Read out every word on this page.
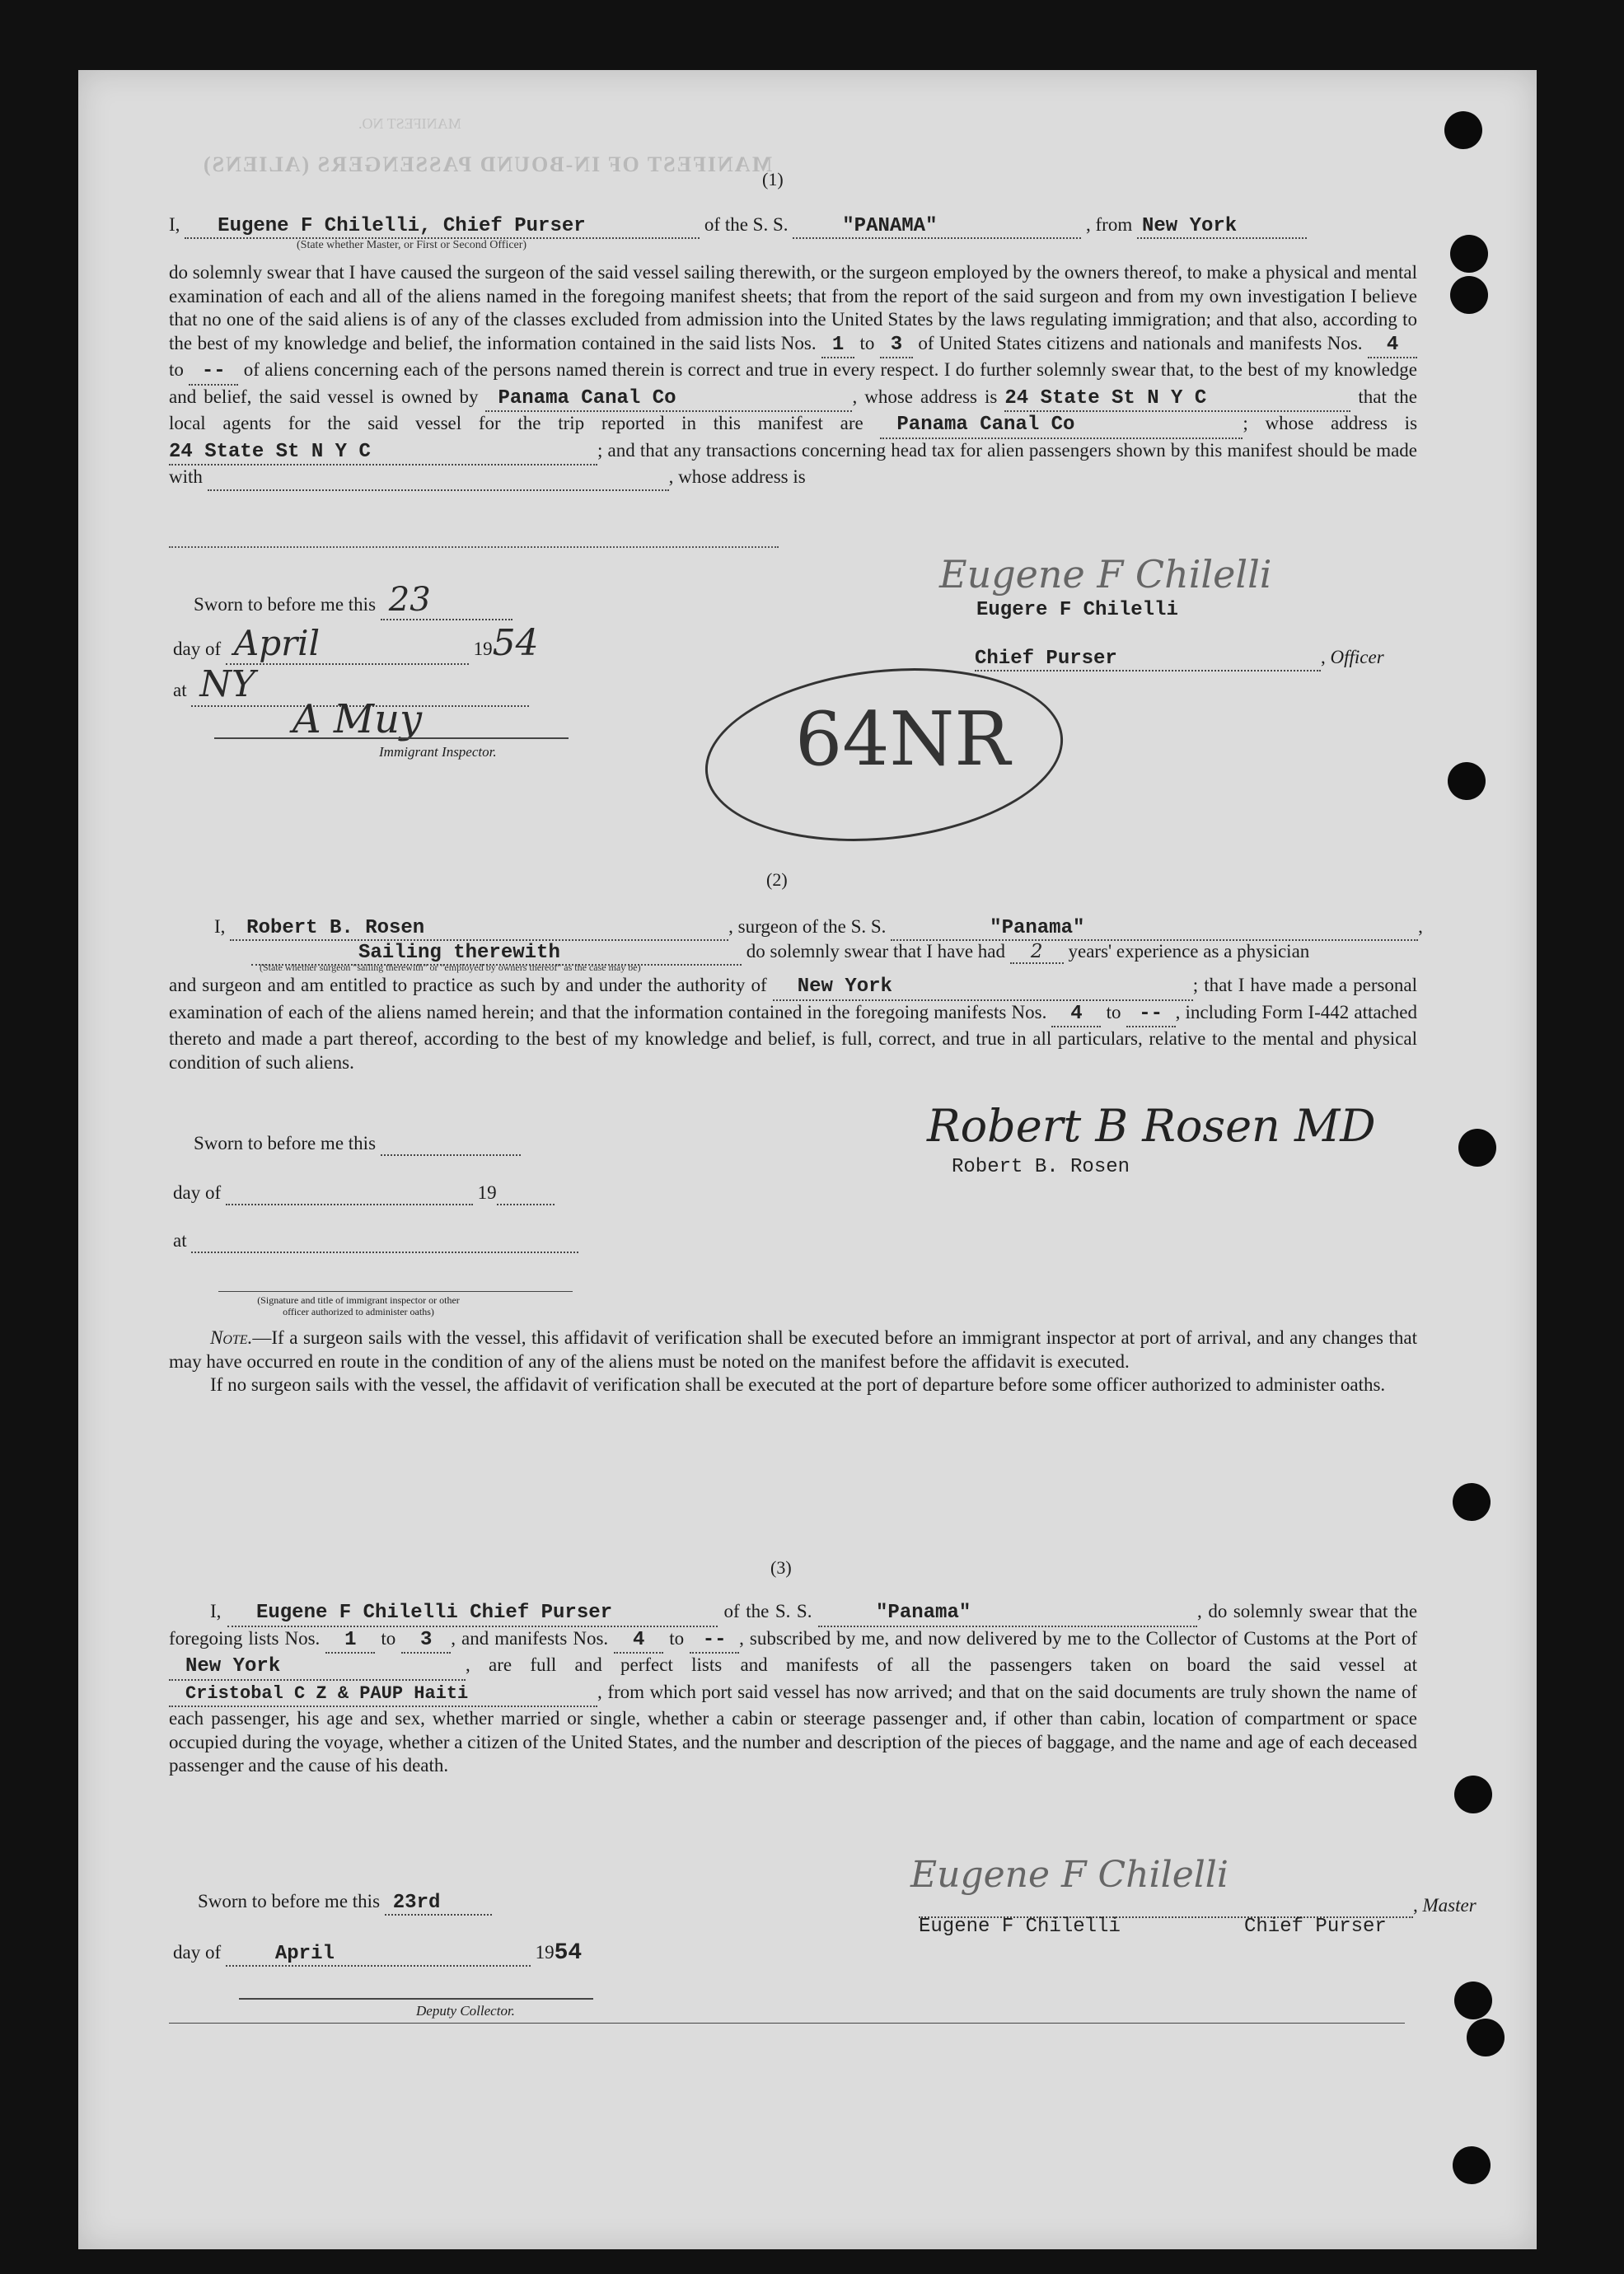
MANIFEST OF IN-BOUND PASSENGERS (ALIENS)
MANIFEST NO.
(1)
I, Eugene F Chilelli, Chief Purser	of the S. S.	"PANAMA"	, from New York
(State whether Master, or First or Second Officer)

do solemnly swear that I have caused the surgeon of the said vessel sailing therewith, or the surgeon employed by the owners thereof, to make a physical and mental examination of each and all of the aliens named in the foregoing manifest sheets; that from the report of the said surgeon and from my own investigation I believe that no one of the said aliens is of any of the classes excluded from admission into the United States by the laws regulating immigration; and that also, according to the best of my knowledge and belief, the information contained in the said lists Nos. 1 to 3 of United States citizens and nationals and manifests Nos. 4 to -- of aliens concerning each of the persons named therein is correct and true in every respect. I do further solemnly swear that, to the best of my knowledge and belief, the said vessel is owned by Panama Canal Co	, whose address is 24 State St N Y C	that the local agents for the said vessel for the trip reported in this manifest are Panama Canal Co	; whose address is 24 State St N Y C	; and that any transactions concerning head tax for alien passengers shown by this manifest should be made with	, whose address is

Sworn to before me this 23
day of April	1954
at NY
A Muy
Immigrant Inspector.
Eugene F Chilelli
Eugere F Chilelli
Chief Purser	, Officer
64NR
(2)
I, Robert B. Rosen	, surgeon of the S. S.	"Panama"	,
Sailing therewith	do solemnly swear that I have had 2 years' experience as a physician
(State whether surgeon "sailing therewith" or "employed by owners thereof" as the case may be)

and surgeon and am entitled to practice as such by and under the authority of New York	; that I have made a personal examination of each of the aliens named herein; and that the information contained in the foregoing manifests Nos. 4 to -- , including Form I-442 attached thereto and made a part thereof, according to the best of my knowledge and belief, is full, correct, and true in all particulars, relative to the mental and physical condition of such aliens.

Sworn to before me this
day of	19
at
(Signature and title of immigrant inspector or other officer authorized to administer oaths)
Robert B Rosen MD
Robert B. Rosen

Note.—If a surgeon sails with the vessel, this affidavit of verification shall be executed before an immigrant inspector at port of arrival, and any changes that may have occurred en route in the condition of any of the aliens must be noted on the manifest before the affidavit is executed.

If no surgeon sails with the vessel, the affidavit of verification shall be executed at the port of departure before some officer authorized to administer oaths.

(3)

I, Eugene F Chilelli Chief Purser	of the S. S.	"Panama"	, do solemnly swear that the foregoing lists Nos. 1 to 3 , and manifests Nos. 4 to -- , subscribed by me, and now delivered by me to the Collector of Customs at the Port of New York	, are full and perfect lists and manifests of all the passengers taken on board the said vessel at Cristobal C Z & PAUP Haiti	, from which port said vessel has now arrived; and that on the said documents are truly shown the name of each passenger, his age and sex, whether married or single, whether a cabin or steerage passenger and, if other than cabin, location of compartment or space occupied during the voyage, whether a citizen of the United States, and the number and description of the pieces of baggage, and the name and age of each deceased passenger and the cause of his death.

Sworn to before me this 23rd
day of	April	1954
Deputy Collector.
Eugene F Chilelli
, Master
Eugene F Chilelli	Chief Purser
